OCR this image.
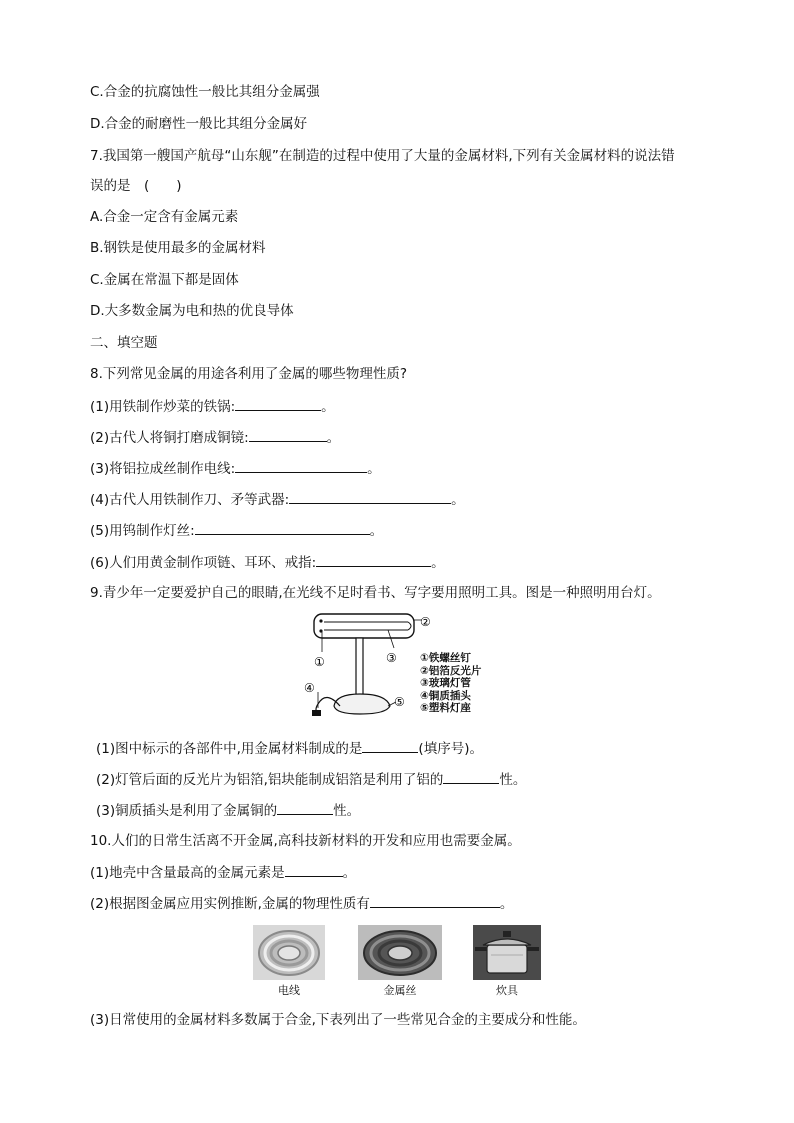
C.合金的抗腐蚀性一般比其组分金属强
D.合金的耐磨性一般比其组分金属好
7.我国第一艘国产航母“山东舰”在制造的过程中使用了大量的金属材料,下列有关金属材料的说法错
误的是　(　　)
A.合金一定含有金属元素
B.钢铁是使用最多的金属材料
C.金属在常温下都是固体
D.大多数金属为电和热的优良导体
二、填空题
8.下列常见金属的用途各利用了金属的哪些物理性质?
(1)用铁制作炒菜的铁锅:	。
(2)古代人将铜打磨成铜镜:	。
(3)将铝拉成丝制作电线:	。
(4)古代人用铁制作刀、矛等武器:	。
(5)用钨制作灯丝:	。
(6)人们用黄金制作项链、耳环、戒指:	。
9.青少年一定要爱护自己的眼睛,在光线不足时看书、写字要用照明工具。图是一种照明用台灯。
①
②
③
④
⑤
①铁螺丝钉
②铝箔反光片
③玻璃灯管
④铜质插头
⑤塑料灯座
(1)图中标示的各部件中,用金属材料制成的是	(填序号)。
(2)灯管后面的反光片为铝箔,铝块能制成铝箔是利用了铝的	性。
(3)铜质插头是利用了金属铜的	性。
10.人们的日常生活离不开金属,高科技新材料的开发和应用也需要金属。
(1)地壳中含量最高的金属元素是	。
(2)根据图金属应用实例推断,金属的物理性质有	。
电线	金属丝	炊具
(3)日常使用的金属材料多数属于合金,下表列出了一些常见合金的主要成分和性能。
